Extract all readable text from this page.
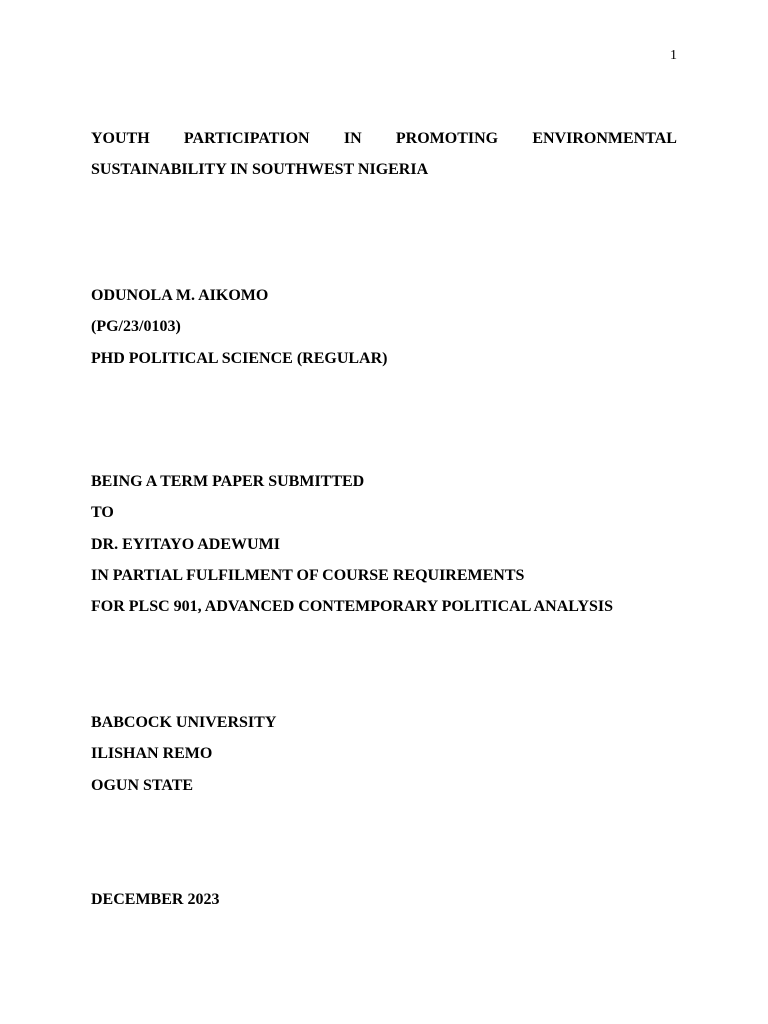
1
YOUTH PARTICIPATION IN PROMOTING ENVIRONMENTAL
SUSTAINABILITY IN SOUTHWEST NIGERIA
ODUNOLA M. AIKOMO
(PG/23/0103)
PHD POLITICAL SCIENCE (REGULAR)
BEING A TERM PAPER SUBMITTED
TO
DR. EYITAYO ADEWUMI
IN PARTIAL FULFILMENT OF COURSE REQUIREMENTS
FOR PLSC 901, ADVANCED CONTEMPORARY POLITICAL ANALYSIS
BABCOCK UNIVERSITY
ILISHAN REMO
OGUN STATE
DECEMBER 2023
